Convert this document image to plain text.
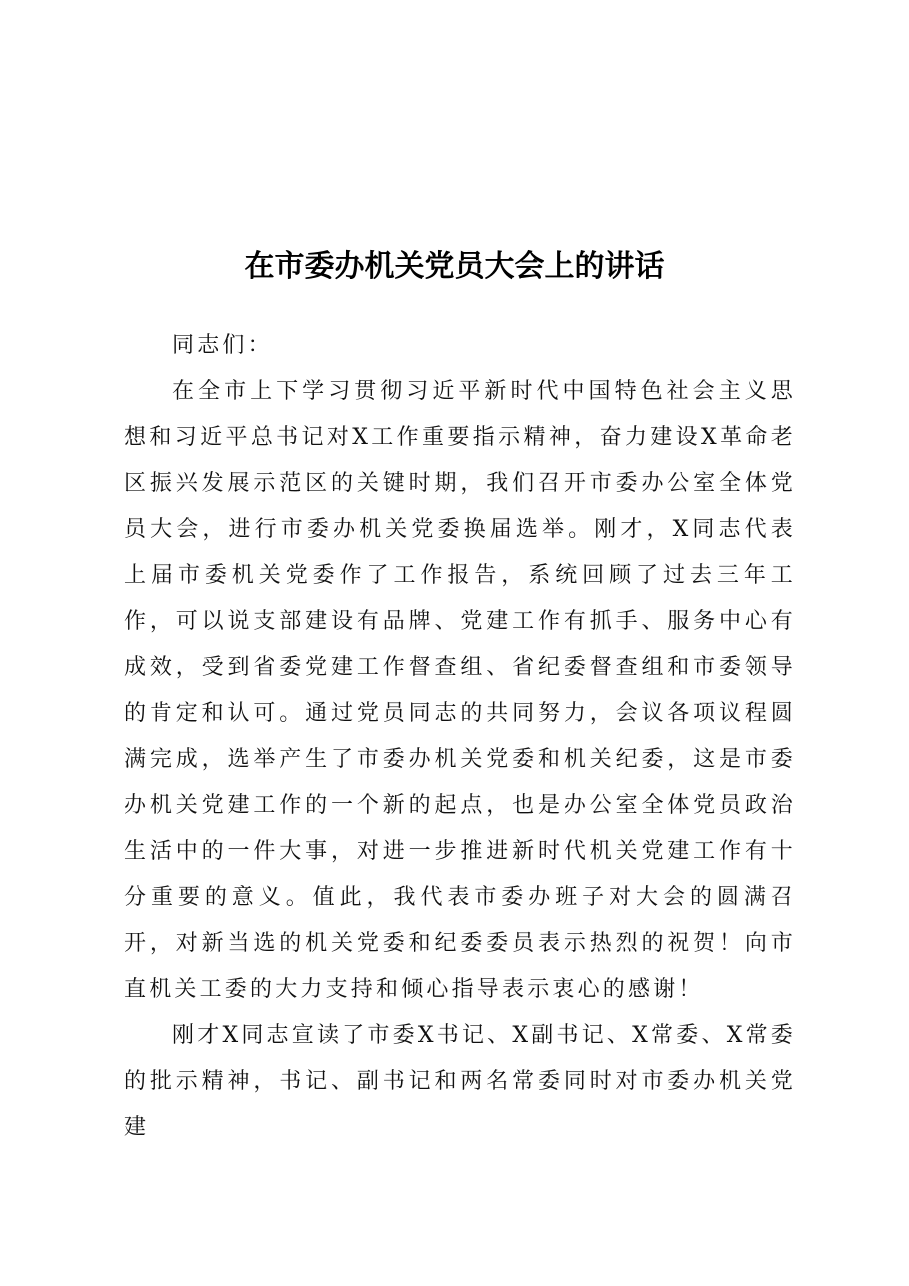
在市委办机关党员大会上的讲话

同志们：

在全市上下学习贯彻习近平新时代中国特色社会主义思想和习近平总书记对X工作重要指示精神，奋力建设X革命老区振兴发展示范区的关键时期，我们召开市委办公室全体党员大会，进行市委办机关党委换届选举。刚才，X同志代表上届市委机关党委作了工作报告，系统回顾了过去三年工作，可以说支部建设有品牌、党建工作有抓手、服务中心有成效，受到省委党建工作督查组、省纪委督查组和市委领导的肯定和认可。通过党员同志的共同努力，会议各项议程圆满完成，选举产生了市委办机关党委和机关纪委，这是市委办机关党建工作的一个新的起点，也是办公室全体党员政治生活中的一件大事，对进一步推进新时代机关党建工作有十分重要的意义。值此，我代表市委办班子对大会的圆满召开，对新当选的机关党委和纪委委员表示热烈的祝贺！向市直机关工委的大力支持和倾心指导表示衷心的感谢！

刚才X同志宣读了市委X书记、X副书记、X常委、X常委的批示精神，书记、副书记和两名常委同时对市委办机关党建
